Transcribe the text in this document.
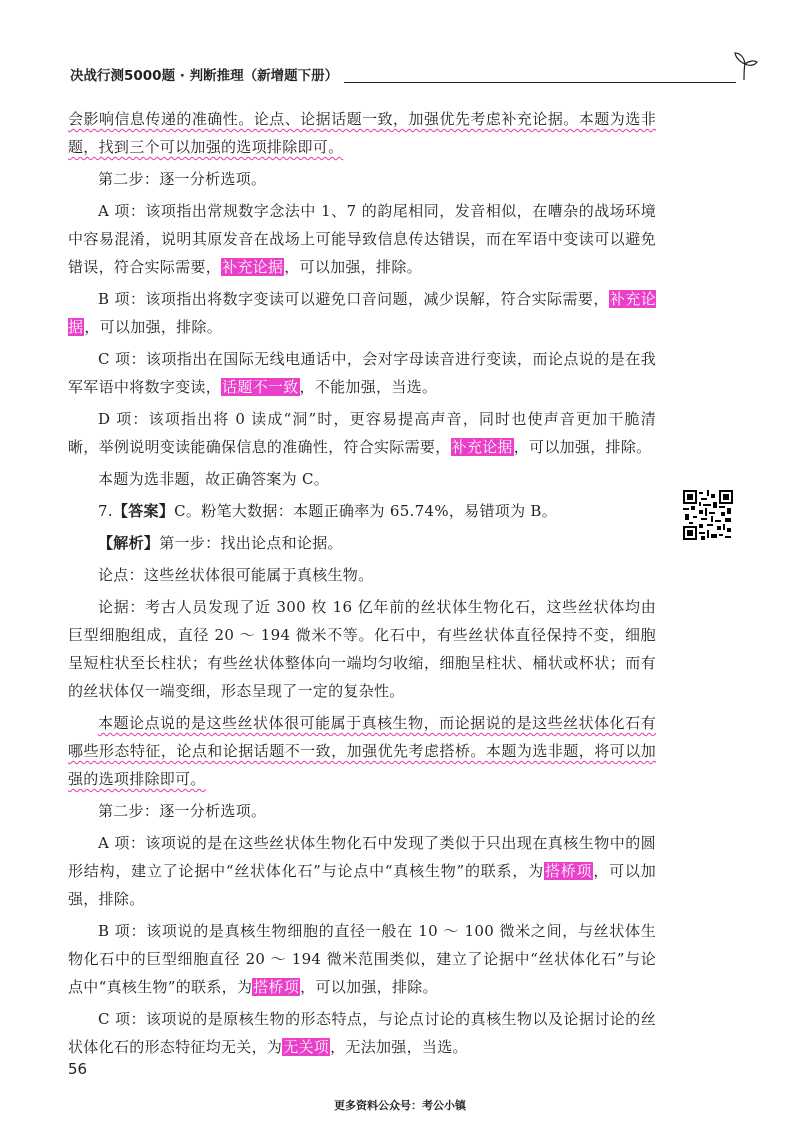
决战行测5000题 · 判断推理（新增题下册）

会影响信息传递的准确性。论点、论据话题一致，加强优先考虑补充论据。本题为选非题，找到三个可以加强的选项排除即可。

第二步：逐一分析选项。

A 项：该项指出常规数字念法中 1、7 的韵尾相同，发音相似，在嘈杂的战场环境中容易混淆，说明其原发音在战场上可能导致信息传达错误，而在军语中变读可以避免错误，符合实际需要，补充论据，可以加强，排除。

B 项：该项指出将数字变读可以避免口音问题，减少误解，符合实际需要，补充论据，可以加强，排除。

C 项：该项指出在国际无线电通话中，会对字母读音进行变读，而论点说的是在我军军语中将数字变读，话题不一致，不能加强，当选。

D 项：该项指出将 0 读成“洞”时，更容易提高声音，同时也使声音更加干脆清晰，举例说明变读能确保信息的准确性，符合实际需要，补充论据，可以加强，排除。

本题为选非题，故正确答案为 C。

7.【答案】C。粉笔大数据：本题正确率为 65.74%，易错项为 B。

【解析】第一步：找出论点和论据。

论点：这些丝状体很可能属于真核生物。

论据：考古人员发现了近 300 枚 16 亿年前的丝状体生物化石，这些丝状体均由巨型细胞组成，直径 20 ～ 194 微米不等。化石中，有些丝状体直径保持不变，细胞呈短柱状至长柱状；有些丝状体整体向一端均匀收缩，细胞呈柱状、桶状或杯状；而有的丝状体仅一端变细，形态呈现了一定的复杂性。

本题论点说的是这些丝状体很可能属于真核生物，而论据说的是这些丝状体化石有哪些形态特征，论点和论据话题不一致，加强优先考虑搭桥。本题为选非题，将可以加强的选项排除即可。

第二步：逐一分析选项。

A 项：该项说的是在这些丝状体生物化石中发现了类似于只出现在真核生物中的圆形结构，建立了论据中“丝状体化石”与论点中“真核生物”的联系，为搭桥项，可以加强，排除。

B 项：该项说的是真核生物细胞的直径一般在 10 ～ 100 微米之间，与丝状体生物化石中的巨型细胞直径 20 ～ 194 微米范围类似，建立了论据中“丝状体化石”与论点中“真核生物”的联系，为搭桥项，可以加强，排除。

C 项：该项说的是原核生物的形态特点，与论点讨论的真核生物以及论据讨论的丝状体化石的形态特征均无关，为无关项，无法加强，当选。

56
更多资料公众号：考公小镇
